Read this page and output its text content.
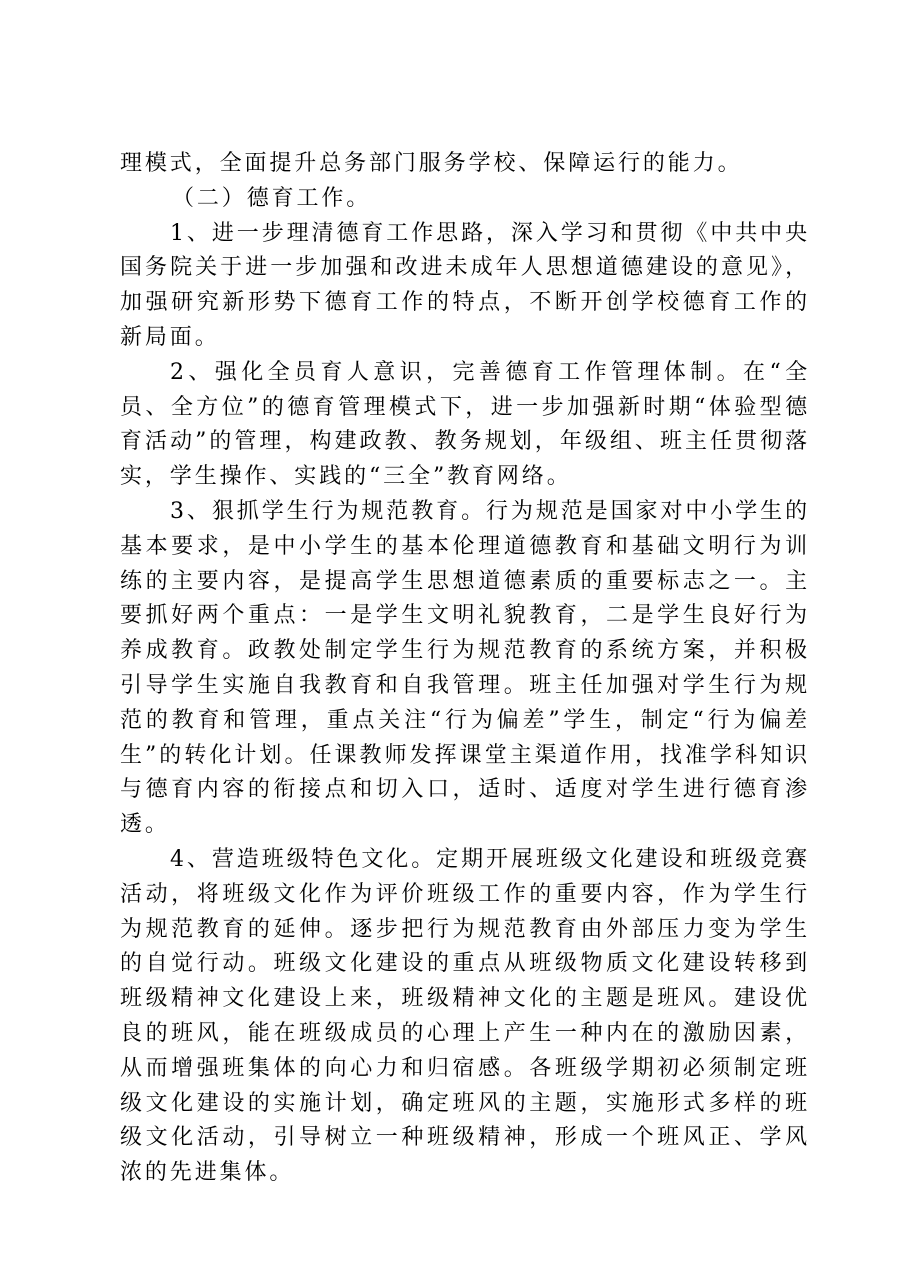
理模式，全面提升总务部门服务学校、保障运行的能力。

（二）德育工作。

1、进一步理清德育工作思路，深入学习和贯彻《中共中央国务院关于进一步加强和改进未成年人思想道德建设的意见》，加强研究新形势下德育工作的特点，不断开创学校德育工作的新局面。

2、强化全员育人意识，完善德育工作管理体制。在“全员、全方位”的德育管理模式下，进一步加强新时期“体验型德育活动”的管理，构建政教、教务规划，年级组、班主任贯彻落实，学生操作、实践的“三全”教育网络。

3、狠抓学生行为规范教育。行为规范是国家对中小学生的基本要求，是中小学生的基本伦理道德教育和基础文明行为训练的主要内容，是提高学生思想道德素质的重要标志之一。主要抓好两个重点：一是学生文明礼貌教育，二是学生良好行为养成教育。政教处制定学生行为规范教育的系统方案，并积极引导学生实施自我教育和自我管理。班主任加强对学生行为规范的教育和管理，重点关注“行为偏差”学生，制定“行为偏差生”的转化计划。任课教师发挥课堂主渠道作用，找准学科知识与德育内容的衔接点和切入口，适时、适度对学生进行德育渗透。

4、营造班级特色文化。定期开展班级文化建设和班级竞赛活动，将班级文化作为评价班级工作的重要内容，作为学生行为规范教育的延伸。逐步把行为规范教育由外部压力变为学生的自觉行动。班级文化建设的重点从班级物质文化建设转移到班级精神文化建设上来，班级精神文化的主题是班风。建设优良的班风，能在班级成员的心理上产生一种内在的激励因素，从而增强班集体的向心力和归宿感。各班级学期初必须制定班级文化建设的实施计划，确定班风的主题，实施形式多样的班级文化活动，引导树立一种班级精神，形成一个班风正、学风浓的先进集体。
